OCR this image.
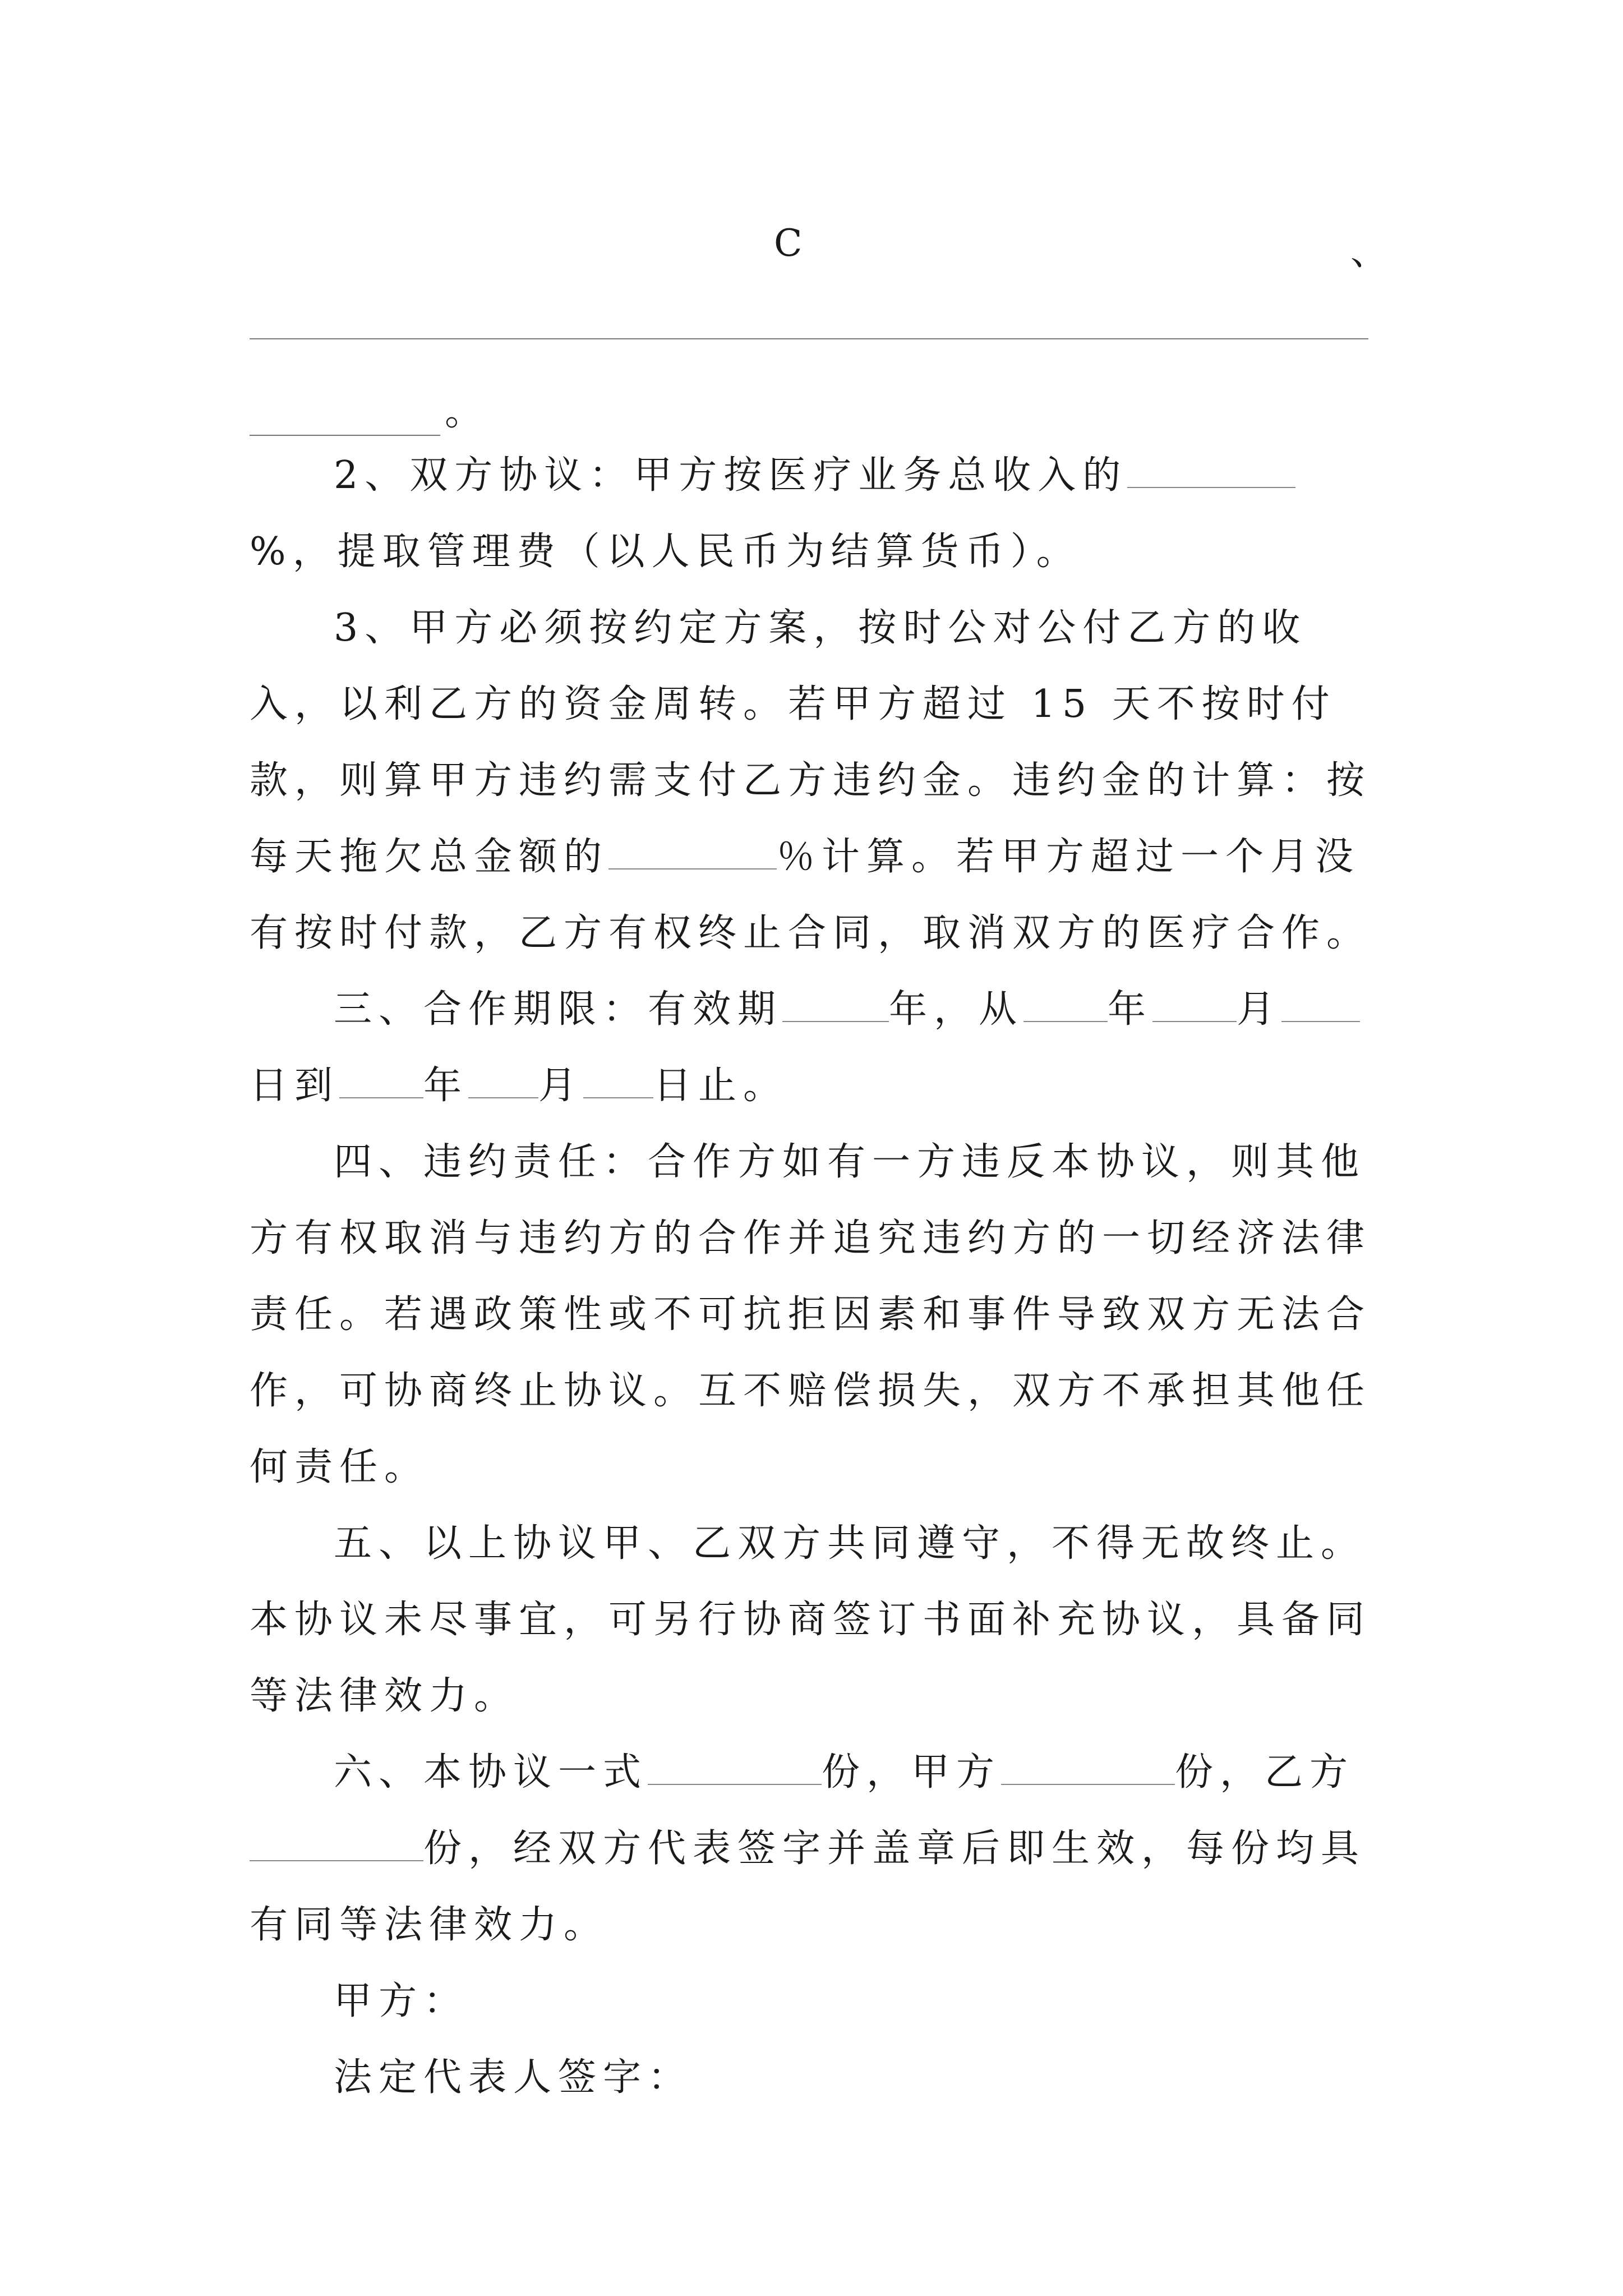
C	、
。

2、双方协议：甲方按医疗业务总收入的%，提取管理费（以人民币为结算货币）。

3、甲方必须按约定方案，按时公对公付乙方的收入，以利乙方的资金周转。若甲方超过 15 天不按时付款，则算甲方违约需支付乙方违约金。违约金的计算：按每天拖欠总金额的	％计算。若甲方超过一个月没有按时付款，乙方有权终止合同，取消双方的医疗合作。

三、合作期限：有效期	年，从 年 月日到 年 月 日止。

四、违约责任：合作方如有一方违反本协议，则其他方有权取消与违约方的合作并追究违约方的一切经济法律责任。若遇政策性或不可抗拒因素和事件导致双方无法合作，可协商终止协议。互不赔偿损失，双方不承担其他任何责任。

五、以上协议甲、乙双方共同遵守，不得无故终止。本协议未尽事宜，可另行协商签订书面补充协议，具备同等法律效力。

六、本协议一式	份，甲方	份，乙方份，经双方代表签字并盖章后即生效，每份均具有同等法律效力。

甲方：

法定代表人签字：
